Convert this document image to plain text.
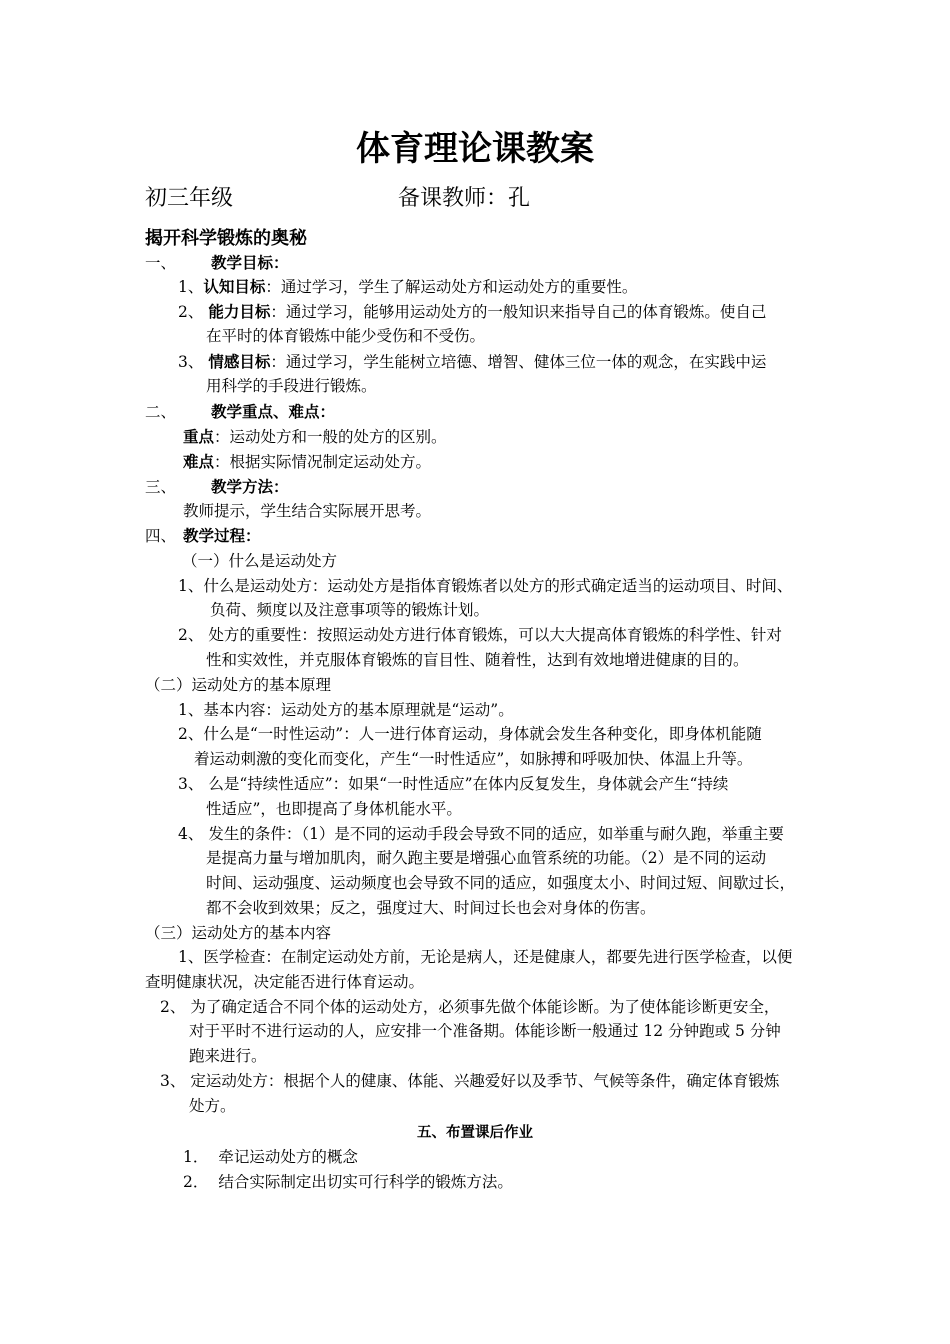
体育理论课教案
初三年级	备课教师：孔
揭开科学锻炼的奥秘
一、 教学目标：
1、认知目标：通过学习，学生了解运动处方和运动处方的重要性。
2、 能力目标：通过学习，能够用运动处方的一般知识来指导自己的体育锻炼。使自己
在平时的体育锻炼中能少受伤和不受伤。
3、 情感目标：通过学习，学生能树立培德、增智、健体三位一体的观念，在实践中运
用科学的手段进行锻炼。
二、 教学重点、难点：
重点：运动处方和一般的处方的区别。
难点：根据实际情况制定运动处方。
三、 教学方法：
教师提示，学生结合实际展开思考。
四、 教学过程：
（一）什么是运动处方
1、什么是运动处方：运动处方是指体育锻炼者以处方的形式确定适当的运动项目、时间、
负荷、频度以及注意事项等的锻炼计划。
2、 处方的重要性：按照运动处方进行体育锻炼，可以大大提高体育锻炼的科学性、针对
性和实效性，并克服体育锻炼的盲目性、随着性，达到有效地增进健康的目的。
（二）运动处方的基本原理
1、基本内容：运动处方的基本原理就是“运动”。
2、什么是“一时性运动”：人一进行体育运动，身体就会发生各种变化，即身体机能随
着运动刺激的变化而变化，产生“一时性适应”，如脉搏和呼吸加快、体温上升等。
3、 么是“持续性适应”：如果“一时性适应”在体内反复发生，身体就会产生“持续
性适应”，也即提高了身体机能水平。
4、 发生的条件：（1）是不同的运动手段会导致不同的适应，如举重与耐久跑，举重主要
是提高力量与增加肌肉，耐久跑主要是增强心血管系统的功能。（2）是不同的运动
时间、运动强度、运动频度也会导致不同的适应，如强度太小、时间过短、间歇过长，
都不会收到效果；反之，强度过大、时间过长也会对身体的伤害。
（三）运动处方的基本内容
1、医学检查：在制定运动处方前，无论是病人，还是健康人，都要先进行医学检查，以便
查明健康状况，决定能否进行体育运动。
2、 为了确定适合不同个体的运动处方，必须事先做个体能诊断。为了使体能诊断更安全，
对于平时不进行运动的人，应安排一个准备期。体能诊断一般通过 12 分钟跑或 5 分钟
跑来进行。
3、 定运动处方：根据个人的健康、体能、兴趣爱好以及季节、气候等条件，确定体育锻炼
处方。
五、布置课后作业
1． 牵记运动处方的概念
2． 结合实际制定出切实可行科学的锻炼方法。
